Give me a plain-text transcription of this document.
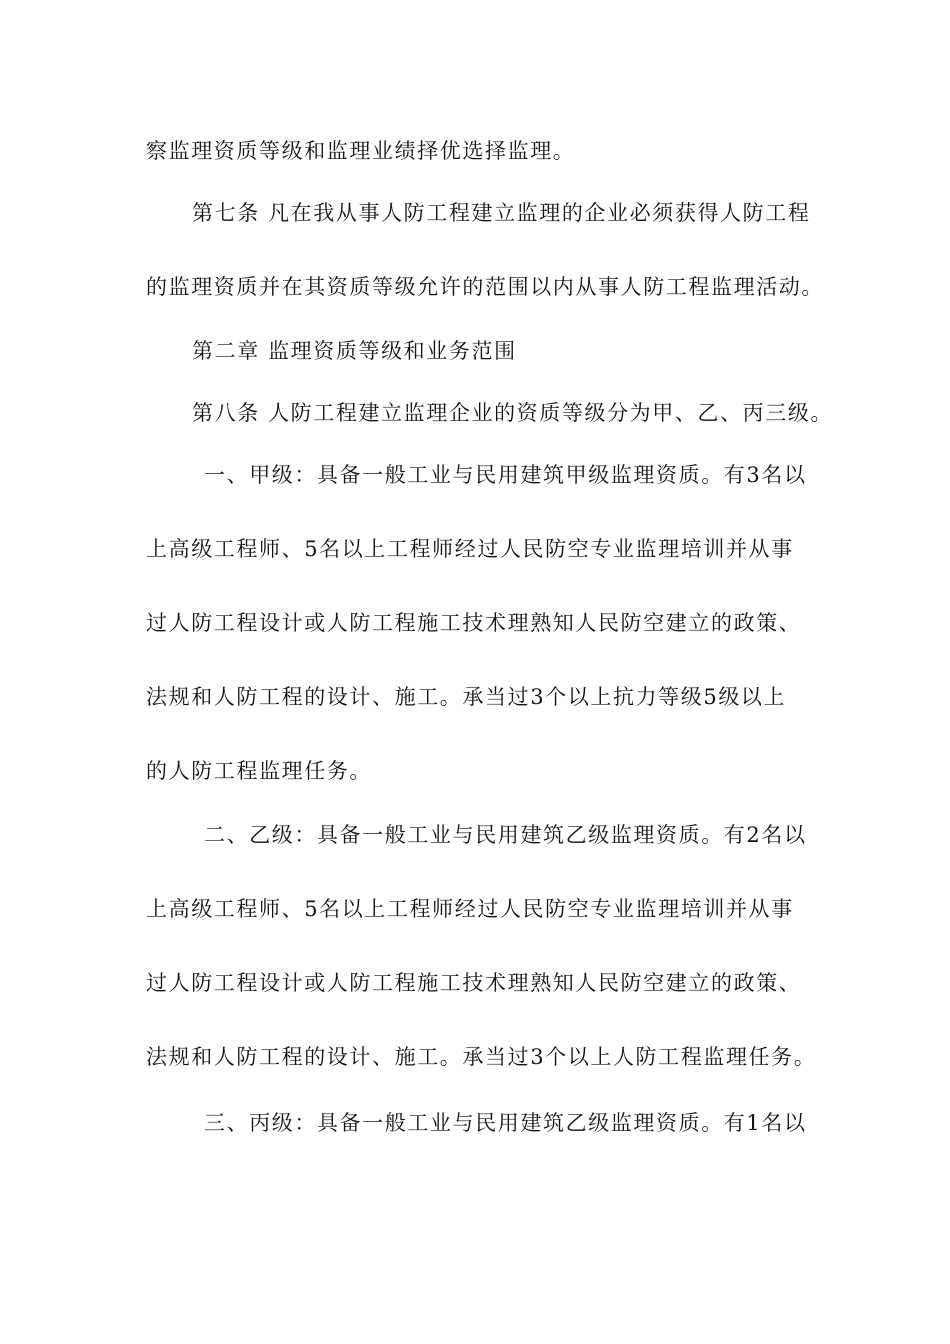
察监理资质等级和监理业绩择优选择监理。
第七条 凡在我从事人防工程建立监理的企业必须获得人防工程
的监理资质并在其资质等级允许的范围以内从事人防工程监理活动。
第二章 监理资质等级和业务范围
第八条 人防工程建立监理企业的资质等级分为甲、乙、丙三级。
一、甲级：具备一般工业与民用建筑甲级监理资质。有3名以
上高级工程师、5名以上工程师经过人民防空专业监理培训并从事
过人防工程设计或人防工程施工技术理熟知人民防空建立的政策、
法规和人防工程的设计、施工。承当过3个以上抗力等级5级以上
的人防工程监理任务。
二、乙级：具备一般工业与民用建筑乙级监理资质。有2名以
上高级工程师、5名以上工程师经过人民防空专业监理培训并从事
过人防工程设计或人防工程施工技术理熟知人民防空建立的政策、
法规和人防工程的设计、施工。承当过3个以上人防工程监理任务。
三、丙级：具备一般工业与民用建筑乙级监理资质。有1名以
